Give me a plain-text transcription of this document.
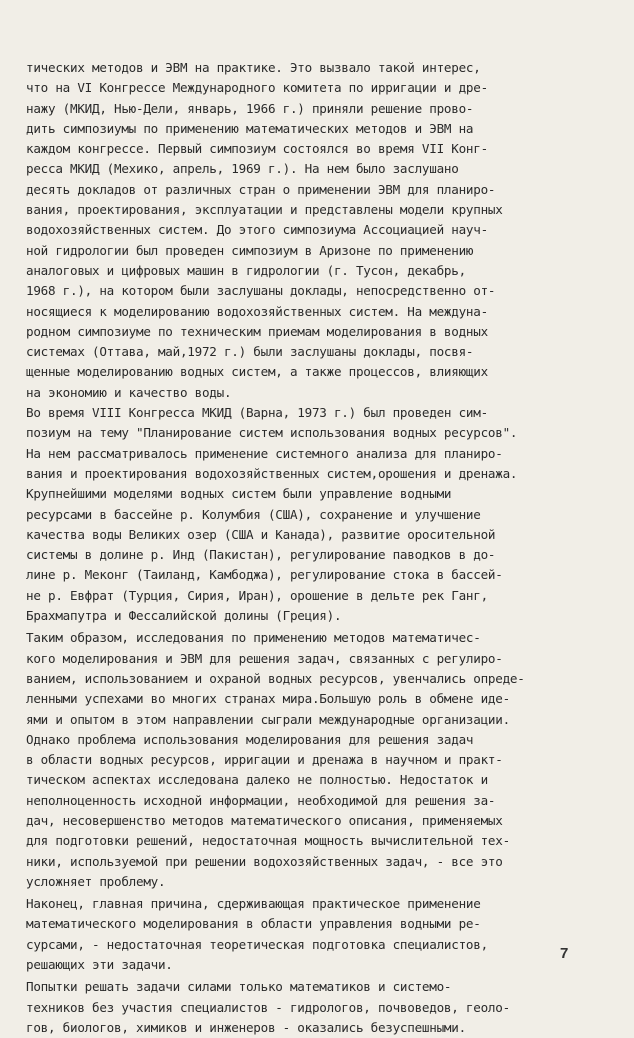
тических методов и ЭВМ на практике. Это вызвало такой интерес,
что на VI Конгрессе Международного комитета по ирригации и дре-
нажу (МКИД, Нью-Дели, январь, 1966 г.) приняли решение прово-
дить симпозиумы по применению математических методов и ЭВМ на
каждом конгрессе. Первый симпозиум состоялся во время VII Конг-
ресса МКИД (Мехико, апрель, 1969 г.). На нем было заслушано
десять докладов от различных стран о применении ЭВМ для планиро-
вания, проектирования, эксплуатации и представлены модели крупных
водохозяйственных систем. До этого симпозиума Ассоциацией науч-
ной гидрологии был проведен симпозиум в Аризоне по применению
аналоговых и цифровых машин в гидрологии (г. Тусон, декабрь,
1968 г.), на котором были заслушаны доклады, непосредственно от-
носящиеся к моделированию водохозяйственных систем. На междуна-
родном симпозиуме по техническим приемам моделирования в водных
системах (Оттава, май,1972 г.) были заслушаны доклады, посвя-
щенные моделированию водных систем, а также процессов, влияющих
на экономию и качество воды.
Во время VIII Конгресса МКИД (Варна, 1973 г.) был проведен сим-
позиум на тему "Планирование систем использования водных ресурсов".
На нем рассматривалось применение системного анализа для планиро-
вания и проектирования водохозяйственных систем,орошения и дренажа.
Крупнейшими моделями водных систем были управление водными
ресурсами в бассейне р. Колумбия (США), сохранение и улучшение
качества воды Великих озер (США и Канада), развитие оросительной
системы в долине р. Инд (Пакистан), регулирование паводков в до-
лине р. Меконг (Таиланд, Камбоджа), регулирование стока в бассей-
не р. Евфрат (Турция, Сирия, Иран), орошение в дельте рек Ганг,
Брахмапутра и Фессалийской долины (Греция).
Таким образом, исследования по применению методов математичес-
кого моделирования и ЭВМ для решения задач, связанных с регулиро-
ванием, использованием и охраной водных ресурсов, увенчались опреде-
ленными успехами во многих странах мира.Большую роль в обмене иде-
ями и опытом в этом направлении сыграли международные организации.
Однако проблема использования моделирования для решения задач
в области водных ресурсов, ирригации и дренажа в научном и практ-
тическом аспектах исследована далеко не полностью. Недостаток и
неполноценность исходной информации, необходимой для решения за-
дач, несовершенство методов математического описания, применяемых
для подготовки решений, недостаточная мощность вычислительной тех-
ники, используемой при решении водохозяйственных задач, - все это
усложняет проблему.
Наконец, главная причина, сдерживающая практическое применение
математического моделирования в области управления водными ре-
сурсами, - недостаточная теоретическая подготовка специалистов,
решающих эти задачи.
Попытки решать задачи силами только математиков и системо-
техников без участия специалистов - гидрологов, почвоведов, геоло-
гов, биологов, химиков и инженеров - оказались безуспешными.
7
